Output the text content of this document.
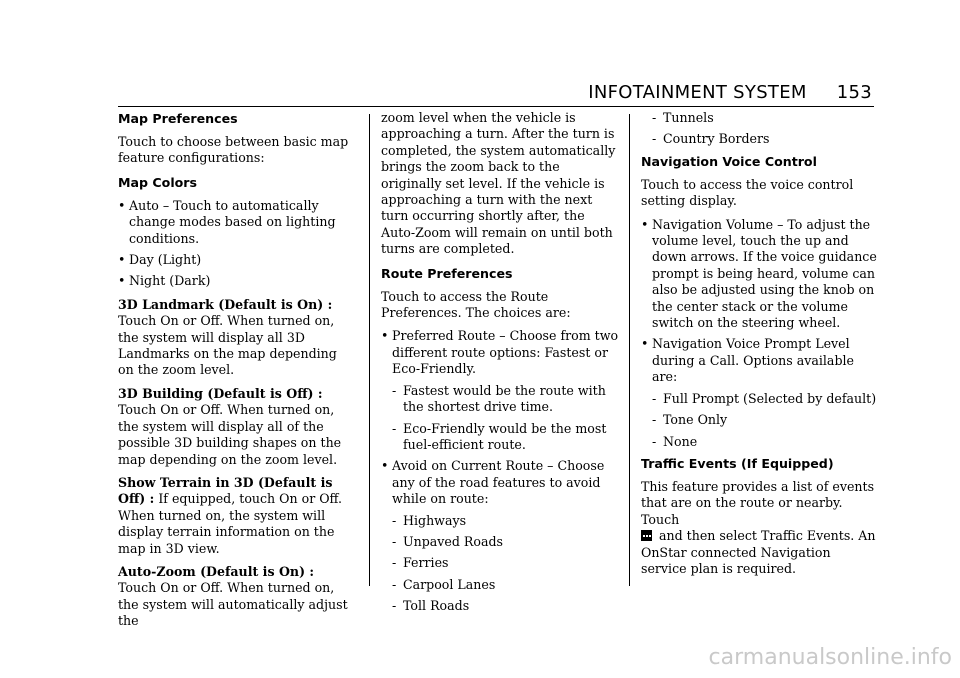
INFOTAINMENT SYSTEM 153
Map Preferences

Touch to choose between basic map feature configurations:

Map Colors
• Auto – Touch to automatically change modes based on lighting conditions.
• Day (Light)
• Night (Dark)

3D Landmark (Default is On) :
Touch On or Off. When turned on, the system will display all 3D Landmarks on the map depending on the zoom level.

3D Building (Default is Off) : Touch On or Off. When turned on, the system will display all of the possible 3D building shapes on the map depending on the zoom level.

Show Terrain in 3D (Default is Off) : If equipped, touch On or Off. When turned on, the system will display terrain information on the map in 3D view.

Auto-Zoom (Default is On) : Touch On or Off. When turned on, the system will automatically adjust the

zoom level when the vehicle is approaching a turn. After the turn is completed, the system automatically brings the zoom back to the originally set level. If the vehicle is approaching a turn with the next turn occurring shortly after, the Auto-Zoom will remain on until both turns are completed.

Route Preferences

Touch to access the Route Preferences. The choices are:

• Preferred Route – Choose from two different route options: Fastest or Eco-Friendly.
- Fastest would be the route with the shortest drive time.
- Eco-Friendly would be the most fuel-efficient route.
• Avoid on Current Route – Choose any of the road features to avoid while on route:
- Highways
- Unpaved Roads
- Ferries
- Carpool Lanes
- Toll Roads
- Tunnels
- Country Borders
Navigation Voice Control

Touch to access the voice control setting display.

• Navigation Volume – To adjust the volume level, touch the up and down arrows. If the voice guidance prompt is being heard, volume can also be adjusted using the knob on the center stack or the volume switch on the steering wheel.
• Navigation Voice Prompt Level during a Call. Options available are:
- Full Prompt (Selected by default)
- Tone Only
- None
Traffic Events (If Equipped)

This feature provides a list of events that are on the route or nearby. Touch
and then select Traffic Events. An OnStar connected Navigation service plan is required.

carmanualsonline.info
